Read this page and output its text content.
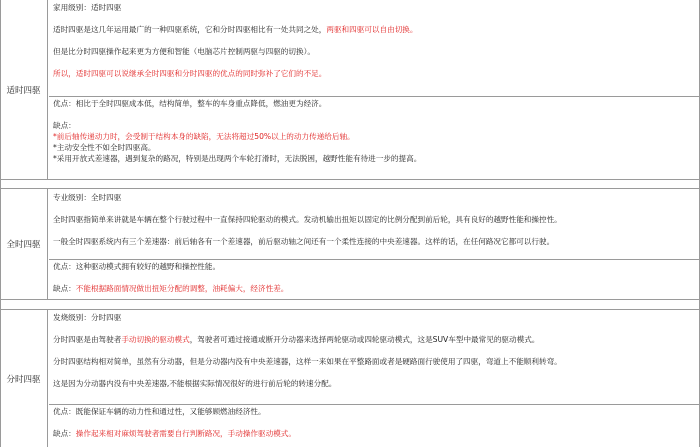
适时四驱

家用级别：适时四驱

适时四驱是这几年运用最广的一种四驱系统，它和分时四驱相比有一处共同之处，两驱和四驱可以自由切换。

但是比分时四驱操作起来更为方便和智能（电脑芯片控制两驱与四驱的切换）。

所以，适时四驱可以说继承全时四驱和分时四驱的优点的同时弥补了它们的不足。

优点：相比于全时四驱成本低，结构简单，整车的车身重点降低，燃油更为经济。

缺点：

*前后轴传递动力时，会受制于结构本身的缺陷，无法将超过50%以上的动力传递给后轴。

*主动安全性不如全时四驱高。

*采用开放式差速器，遇到复杂的路况，特别是出现两个车轮打滑时，无法脱困，越野性能有待进一步的提高。

全时四驱

专业级别：全时四驱

全时四驱指简单来讲就是车辆在整个行驶过程中一直保持四轮驱动的模式。发动机输出扭矩以固定的比例分配到前后轮，具有良好的越野性能和操控性。

一般全时四驱系统内有三个差速器：前后轴各有一个差速器，前后驱动轴之间还有一个柔性连接的中央差速器。这样的话，在任何路况它都可以行驶。

优点：这种驱动模式拥有较好的越野和操控性能。

缺点：不能根据路面情况做出扭矩分配的调整，油耗偏大，经济性差。

分时四驱

发烧级别：分时四驱

分时四驱是由驾驶者手动切换的驱动模式，驾驶者可通过接通或断开分动器来选择两轮驱动或四轮驱动模式，这是SUV车型中最常见的驱动模式。

分时四驱结构相对简单，虽然有分动器，但是分动器内没有中央差速器，这样一来如果在平整路面或者是硬路面行驶使用了四驱，弯道上不能顺利转弯。

这是因为分动器内没有中央差速器,不能根据实际情况很好的进行前后轮的转速分配。

优点：既能保证车辆的动力性和通过性，又能够顾燃油经济性。

缺点：操作起来相对麻烦驾驶者需要自行判断路况，手动操作驱动模式。
